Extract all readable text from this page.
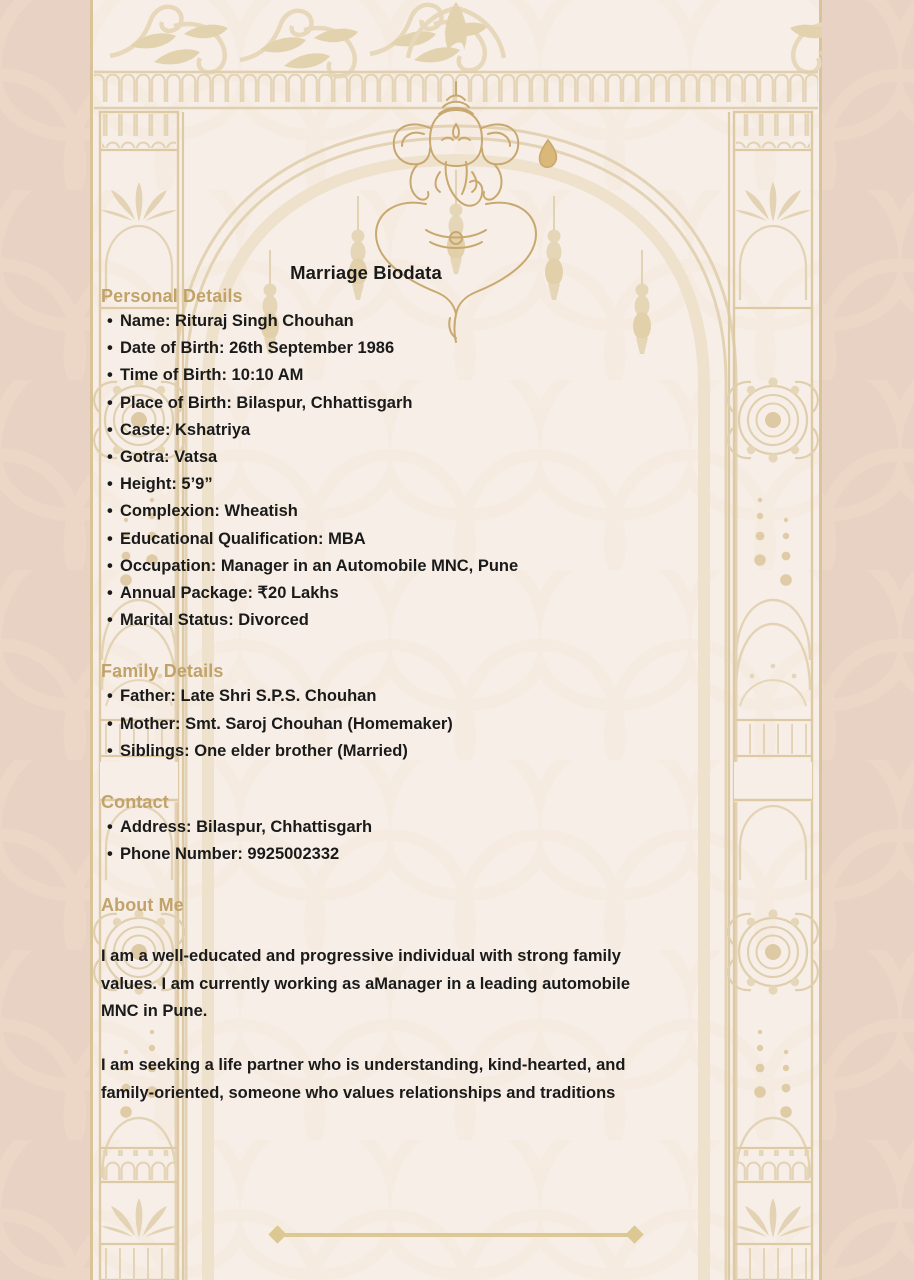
Marriage Biodata
Personal Details
• Name: Rituraj Singh Chouhan
• Date of Birth: 26th September 1986
• Time of Birth: 10:10 AM
• Place of Birth: Bilaspur, Chhattisgarh
• Caste: Kshatriya
• Gotra: Vatsa
• Height: 5’9”
• Complexion: Wheatish
• Educational Qualification: MBA
• Occupation: Manager in an Automobile MNC, Pune
• Annual Package: ₹20 Lakhs
• Marital Status: Divorced
Family Details
• Father: Late Shri S.P.S. Chouhan
• Mother: Smt. Saroj Chouhan (Homemaker)
• Siblings: One elder brother (Married)
Contact
• Address: Bilaspur, Chhattisgarh
• Phone Number: 9925002332
About Me

I am a well-educated and progressive individual with strong family values. I am currently working as aManager in a leading automobile MNC in Pune.

I am seeking a life partner who is understanding, kind-hearted, and family-oriented, someone who values relationships and traditions
